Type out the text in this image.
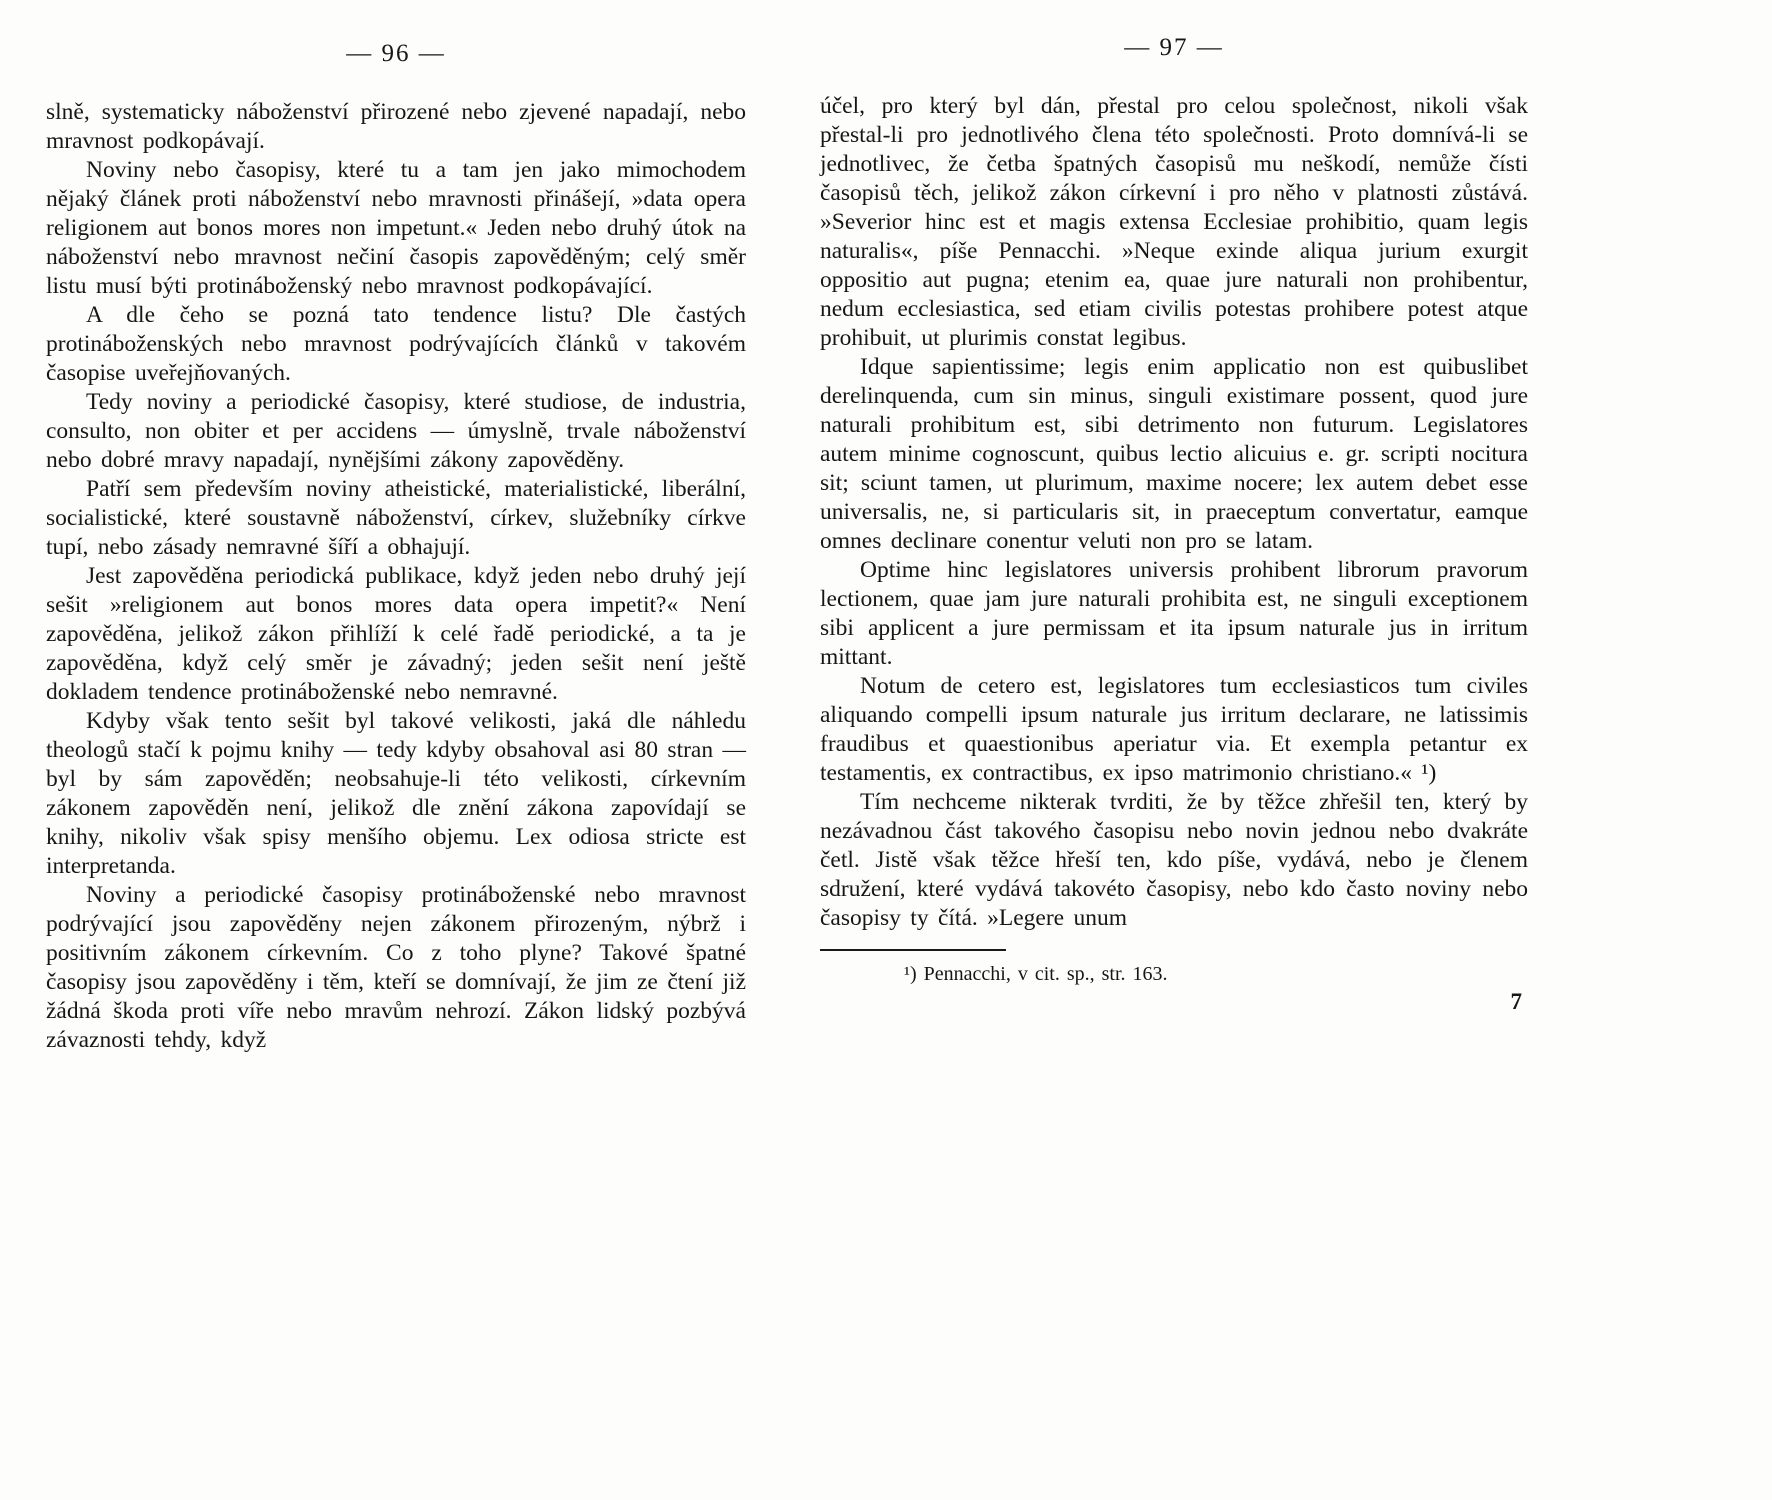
— 96 —

slně, systematicky náboženství přirozené nebo zjevené napadají, nebo mravnost podkopávají.

Noviny nebo časopisy, které tu a tam jen jako mimochodem nějaký článek proti náboženství nebo mravnosti přinášejí, »data opera religionem aut bonos mores non impetunt.« Jeden nebo druhý útok na náboženství nebo mravnost nečiní časopis zapověděným; celý směr listu musí býti protináboženský nebo mravnost podkopávající.

A dle čeho se pozná tato tendence listu? Dle častých protináboženských nebo mravnost podrývajících článků v takovém časopise uveřejňovaných.

Tedy noviny a periodické časopisy, které studiose, de industria, consulto, non obiter et per accidens — úmyslně, trvale náboženství nebo dobré mravy napadají, nynějšími zákony zapověděny.

Patří sem především noviny atheistické, materialistické, liberální, socialistické, které soustavně náboženství, církev, služebníky církve tupí, nebo zásady nemravné šíří a obhajují.

Jest zapověděna periodická publikace, když jeden nebo druhý její sešit »religionem aut bonos mores data opera impetit?« Není zapověděna, jelikož zákon přihlíží k celé řadě periodické, a ta je zapověděna, když celý směr je závadný; jeden sešit není ještě dokladem tendence protináboženské nebo nemravné.

Kdyby však tento sešit byl takové velikosti, jaká dle náhledu theologů stačí k pojmu knihy — tedy kdyby obsahoval asi 80 stran — byl by sám zapověděn; neobsahuje-li této velikosti, církevním zákonem zapověděn není, jelikož dle znění zákona zapovídají se knihy, nikoliv však spisy menšího objemu. Lex odiosa stricte est interpretanda.

Noviny a periodické časopisy protináboženské nebo mravnost podrývající jsou zapověděny nejen zákonem přirozeným, nýbrž i positivním zákonem církevním. Co z toho plyne? Takové špatné časopisy jsou zapověděny i těm, kteří se domnívají, že jim ze čtení již žádná škoda proti víře nebo mravům nehrozí. Zákon lidský pozbývá závaznosti tehdy, když

— 97 —

účel, pro který byl dán, přestal pro celou společnost, nikoli však přestal-li pro jednotlivého člena této společnosti. Proto domnívá-li se jednotlivec, že četba špatných časopisů mu neškodí, nemůže čísti časopisů těch, jelikož zákon církevní i pro něho v platnosti zůstává. »Severior hinc est et magis extensa Ecclesiae prohibitio, quam legis naturalis«, píše Pennacchi. »Neque exinde aliqua jurium exurgit oppositio aut pugna; etenim ea, quae jure naturali non prohibentur, nedum ecclesiastica, sed etiam civilis potestas prohibere potest atque prohibuit, ut plurimis constat legibus.

Idque sapientissime; legis enim applicatio non est quibuslibet derelinquenda, cum sin minus, singuli existimare possent, quod jure naturali prohibitum est, sibi detrimento non futurum. Legislatores autem minime cognoscunt, quibus lectio alicuius e. gr. scripti nocitura sit; sciunt tamen, ut plurimum, maxime nocere; lex autem debet esse universalis, ne, si particularis sit, in praeceptum convertatur, eamque omnes declinare conentur veluti non pro se latam.

Optime hinc legislatores universis prohibent librorum pravorum lectionem, quae jam jure naturali prohibita est, ne singuli exceptionem sibi applicent a jure permissam et ita ipsum naturale jus in irritum mittant.

Notum de cetero est, legislatores tum ecclesiasticos tum civiles aliquando compelli ipsum naturale jus irritum declarare, ne latissimis fraudibus et quaestionibus aperiatur via. Et exempla petantur ex testamentis, ex contractibus, ex ipso matrimonio christiano.« ¹)

Tím nechceme nikterak tvrditi, že by těžce zhřešil ten, který by nezávadnou část takového časopisu nebo novin jednou nebo dvakráte četl. Jistě však těžce hřeší ten, kdo píše, vydává, nebo je členem sdružení, které vydává takovéto časopisy, nebo kdo často noviny nebo časopisy ty čítá. »Legere unum

¹) Pennacchi, v cit. sp., str. 163.
7
